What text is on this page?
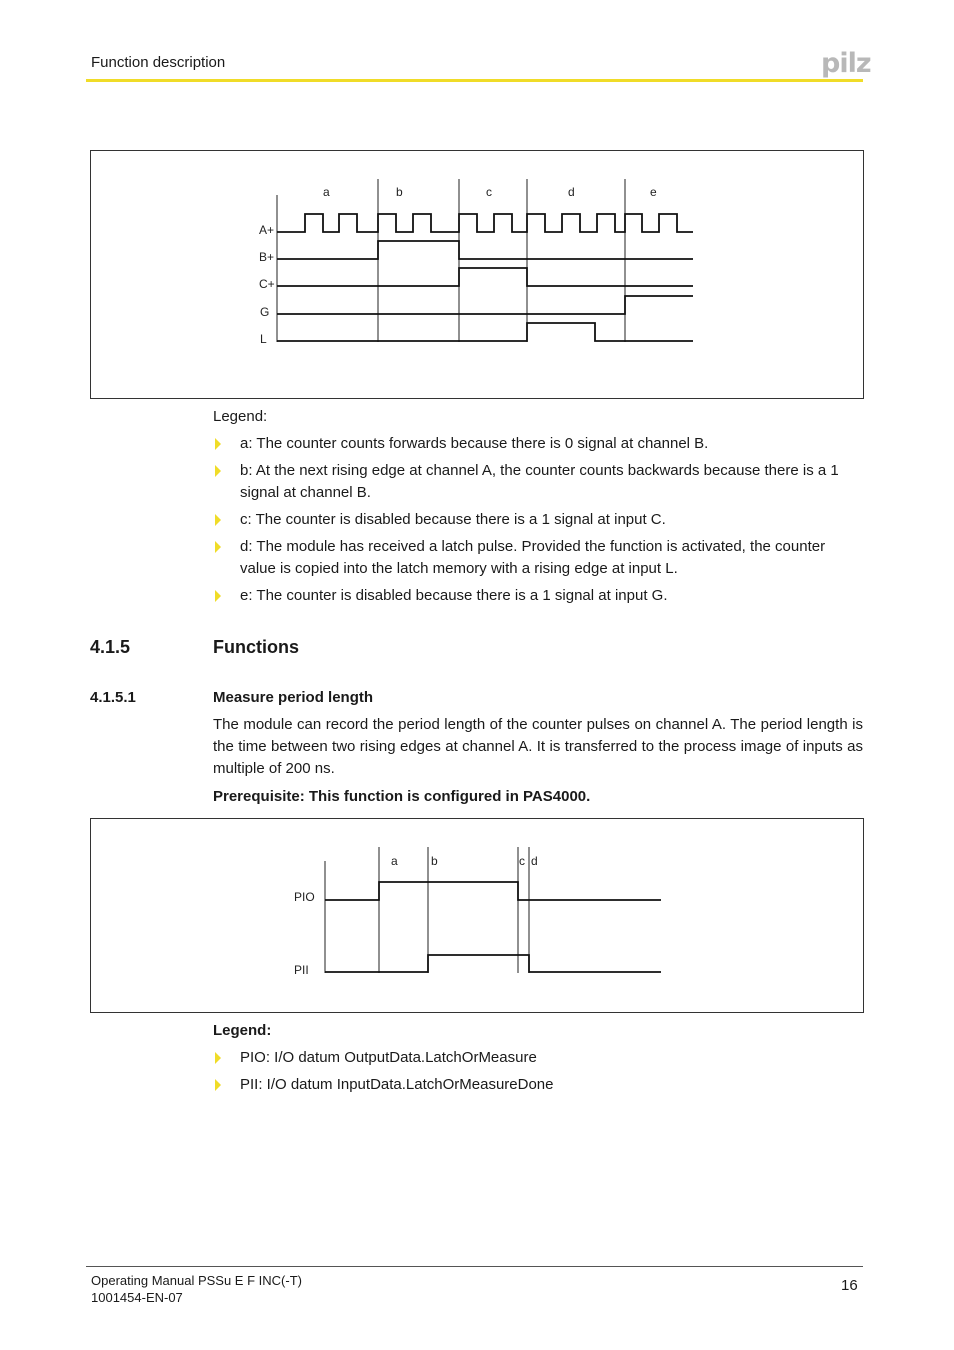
Function description	pilz
a	b	c	d	e
A+
B+
C+
G
L
Legend:
a: The counter counts forwards because there is 0 signal at channel B.
b: At the next rising edge at channel A, the counter counts backwards because there is a 1 signal at channel B.
c: The counter is disabled because there is a 1 signal at input C.
d: The module has received a latch pulse. Provided the function is activated, the counter value is copied into the latch memory with a rising edge at input L.
e: The counter is disabled because there is a 1 signal at input G.
4.1.5	Functions
4.1.5.1	Measure period length

The module can record the period length of the counter pulses on channel A. The period length is the time between two rising edges at channel A. It is transferred to the process image of inputs as multiple of 200 ns.

Prerequisite: This function is configured in PAS4000.
a	b	c d
PIO
PII
Legend:
PIO: I/O datum OutputData.LatchOrMeasure
PII: I/O datum InputData.LatchOrMeasureDone
Operating Manual PSSu E F INC(-T)
1001454-EN-07
16
